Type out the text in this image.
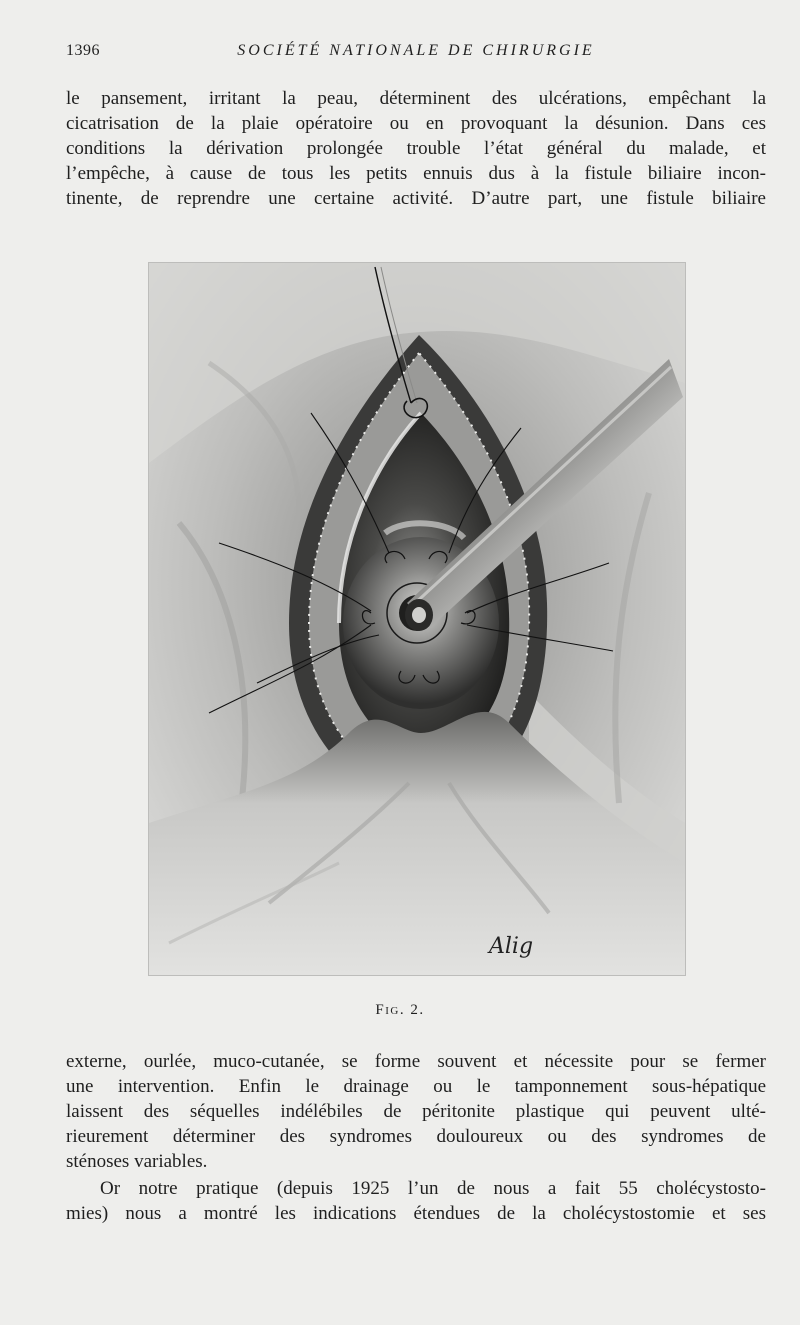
1396	SOCIÉTÉ NATIONALE DE CHIRURGIE
le pansement, irritant la peau, déterminent des ulcérations, empêchant la
cicatrisation de la plaie opératoire ou en provoquant la désunion. Dans ces
conditions la dérivation prolongée trouble l’état général du malade, et
l’empêche, à cause de tous les petits ennuis dus à la fistule biliaire incon-
tinente, de reprendre une certaine activité. D’autre part, une fistule biliaire
Alig
Fig. 2.
externe, ourlée, muco-cutanée, se forme souvent et nécessite pour se fermer
une intervention. Enfin le drainage ou le tamponnement sous-hépatique
laissent des séquelles indélébiles de péritonite plastique qui peuvent ulté-
rieurement déterminer des syndromes douloureux ou des syndromes de
sténoses variables.
Or notre pratique (depuis 1925 l’un de nous a fait 55 cholécystosto-
mies) nous a montré les indications étendues de la cholécystostomie et ses
